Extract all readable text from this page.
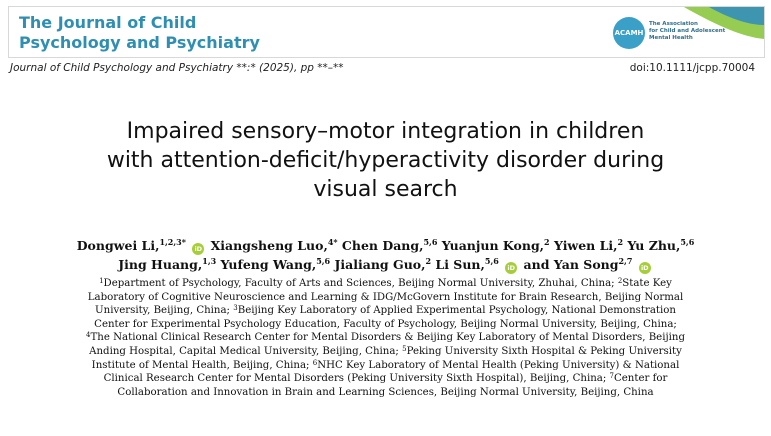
The Journal of Child
Psychology and Psychiatry	ACAMH
The Association
for Child and Adolescent
Mental Health
Journal of Child Psychology and Psychiatry **:* (2025), pp **–**	doi:10.1111/jcpp.70004
Impaired sensory–motor integration in children
with attention-deficit/hyperactivity disorder during
visual search
Dongwei Li,$^{1,2,3*}$ iD Xiangsheng Luo,$^{4*}$ Chen Dang,$^{5,6}$ Yuanjun Kong,$^2$ Yiwen Li,$^2$ Yu Zhu,$^{5,6}$
Jing Huang,$^{1,3}$ Yufeng Wang,$^{5,6}$ Jialiang Guo,$^2$ Li Sun,$^{5,6}$ iD and Yan Song$^{2,7}$ iD
$^1$Department of Psychology, Faculty of Arts and Sciences, Beijing Normal University, Zhuhai, China; $^2$State Key
Laboratory of Cognitive Neuroscience and Learning & IDG/McGovern Institute for Brain Research, Beijing Normal
University, Beijing, China; $^3$Beijing Key Laboratory of Applied Experimental Psychology, National Demonstration
Center for Experimental Psychology Education, Faculty of Psychology, Beijing Normal University, Beijing, China;
$^4$The National Clinical Research Center for Mental Disorders & Beijing Key Laboratory of Mental Disorders, Beijing
Anding Hospital, Capital Medical University, Beijing, China; $^5$Peking University Sixth Hospital & Peking University
Institute of Mental Health, Beijing, China; $^6$NHC Key Laboratory of Mental Health (Peking University) & National
Clinical Research Center for Mental Disorders (Peking University Sixth Hospital), Beijing, China; $^7$Center for
Collaboration and Innovation in Brain and Learning Sciences, Beijing Normal University, Beijing, China
